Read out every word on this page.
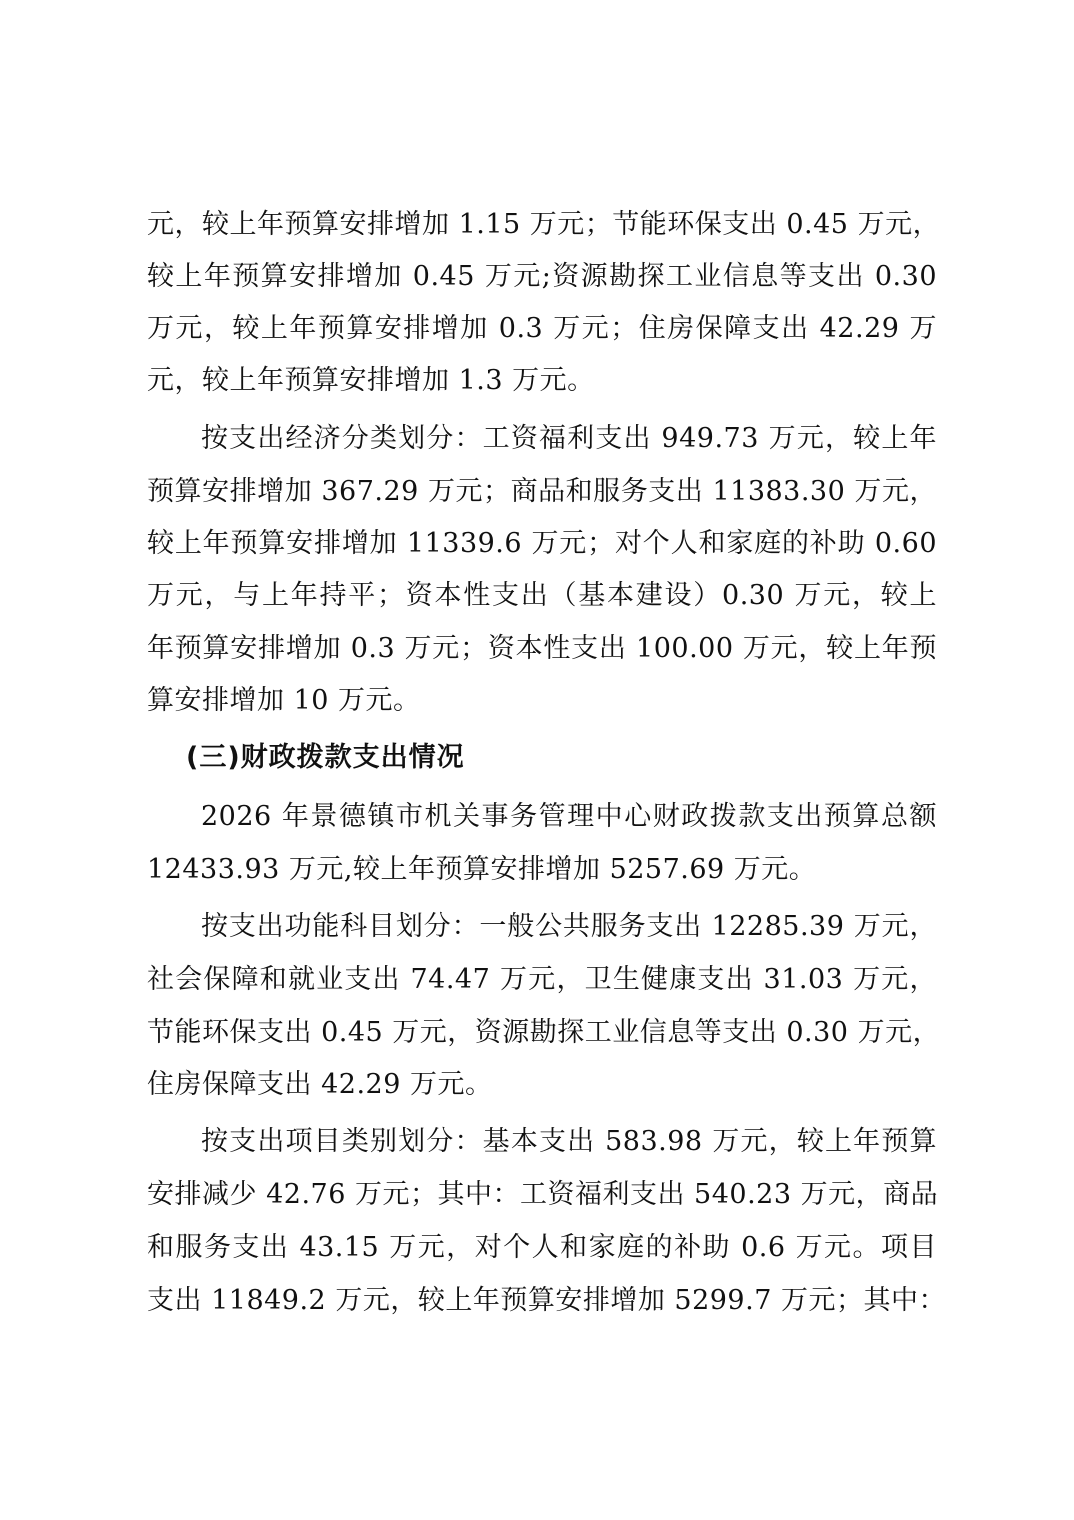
元，较上年预算安排增加 1.15 万元；节能环保支出 0.45 万元，
较上年预算安排增加 0.45 万元;资源勘探工业信息等支出 0.30
万元，较上年预算安排增加 0.3 万元；住房保障支出 42.29 万
元，较上年预算安排增加 1.3 万元。
按支出经济分类划分：工资福利支出 949.73 万元，较上年
预算安排增加 367.29 万元；商品和服务支出 11383.30 万元，
较上年预算安排增加 11339.6 万元；对个人和家庭的补助 0.60
万元，与上年持平；资本性支出（基本建设）0.30 万元，较上
年预算安排增加 0.3 万元；资本性支出 100.00 万元，较上年预
算安排增加 10 万元。
(三)财政拨款支出情况
2026 年景德镇市机关事务管理中心财政拨款支出预算总额
12433.93 万元,较上年预算安排增加 5257.69 万元。
按支出功能科目划分：一般公共服务支出 12285.39 万元，
社会保障和就业支出 74.47 万元，卫生健康支出 31.03 万元，
节能环保支出 0.45 万元，资源勘探工业信息等支出 0.30 万元，
住房保障支出 42.29 万元。
按支出项目类别划分：基本支出 583.98 万元，较上年预算
安排减少 42.76 万元；其中：工资福利支出 540.23 万元，商品
和服务支出 43.15 万元，对个人和家庭的补助 0.6 万元。项目
支出 11849.2 万元，较上年预算安排增加 5299.7 万元；其中：
